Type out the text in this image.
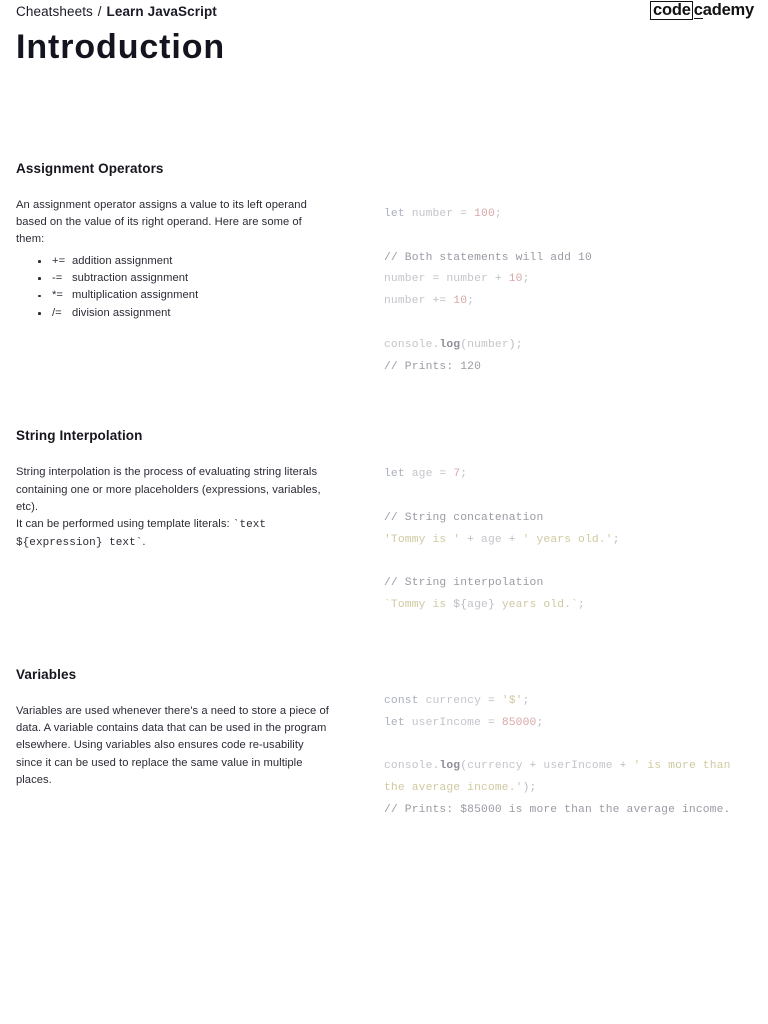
Cheatsheets / Learn JavaScript
Introduction
code cademy
Assignment Operators

An assignment operator assigns a value to its left operand based on the value of its right operand. Here are some of them:

+=  addition assignment
-=  subtraction assignment
*=  multiplication assignment
/=  division assignment
let number = 100;

// Both statements will add 10
number = number + 10;
number += 10;

console.log(number);
// Prints: 120
String Interpolation

String interpolation is the process of evaluating string literals containing one or more placeholders (expressions, variables, etc).

It can be performed using template literals: `text ${expression} text`.

let age = 7;

// String concatenation
'Tommy is ' + age + ' years old.';

// String interpolation
`Tommy is ${age} years old.`;
Variables

Variables are used whenever there's a need to store a piece of data. A variable contains data that can be used in the program elsewhere. Using variables also ensures code re-usability since it can be used to replace the same value in multiple places.

const currency = '$';
let userIncome = 85000;

console.log(currency + userIncome + ' is more than the average income.');
// Prints: $85000 is more than the average income.
